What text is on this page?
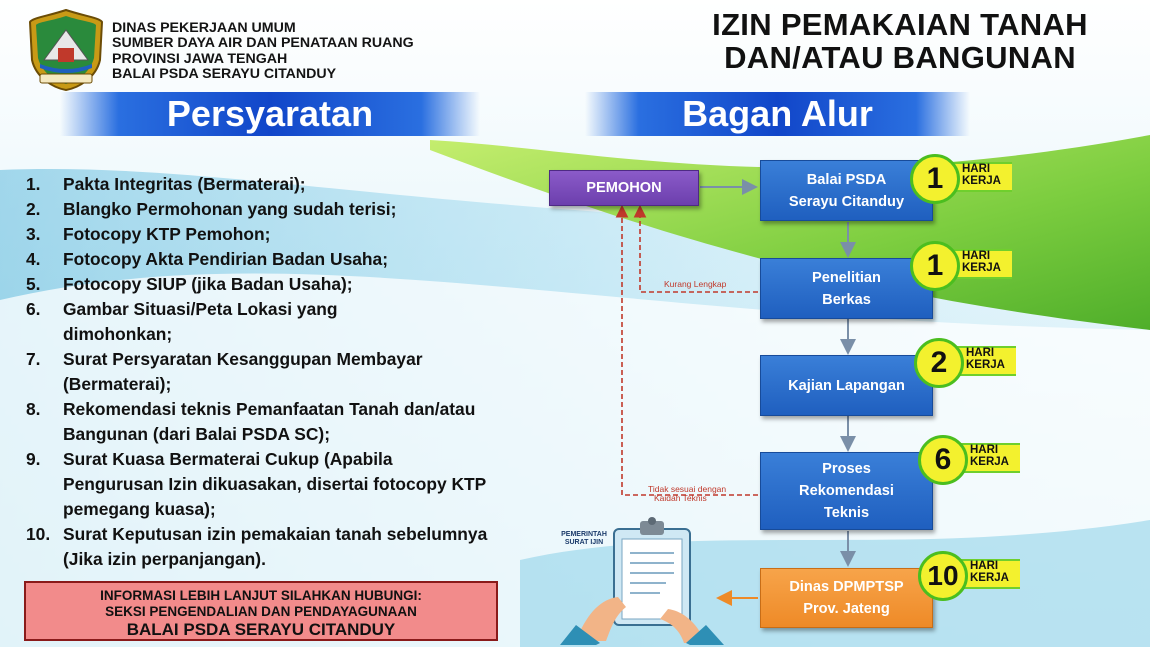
DINAS PEKERJAAN UMUM
SUMBER DAYA AIR DAN PENATAAN RUANG
PROVINSI JAWA TENGAH
BALAI PSDA SERAYU CITANDUY
IZIN PEMAKAIAN TANAH
DAN/ATAU BANGUNAN
Persyaratan	Bagan Alur
1. Pakta Integritas (Bermaterai);
2. Blangko Permohonan yang sudah terisi;
3. Fotocopy KTP Pemohon;
4. Fotocopy Akta Pendirian Badan Usaha;
5. Fotocopy SIUP (jika Badan Usaha);
6. Gambar Situasi/Peta Lokasi yang dimohonkan;
7. Surat Persyaratan Kesanggupan Membayar (Bermaterai);
8. Rekomendasi teknis Pemanfaatan Tanah dan/atau Bangunan (dari Balai PSDA SC);
9. Surat Kuasa Bermaterai Cukup (Apabila Pengurusan Izin dikuasakan, disertai fotocopy KTP pemegang kuasa);
10. Surat Keputusan izin pemakaian tanah sebelumnya (Jika izin perpanjangan).
INFORMASI LEBIH LANJUT SILAHKAN HUBUNGI:
SEKSI PENGENDALIAN DAN PENDAYAGUNAAN
BALAI PSDA SERAYU CITANDUY
PEMOHON
Balai PSDA
Serayu Citanduy
Penelitian
Berkas
Kajian Lapangan
Proses
Rekomendasi
Teknis
Dinas DPMPTSP
Prov. Jateng
HARI
KERJA
1
HARI
KERJA
1
HARI
KERJA
2
HARI
KERJA
6
HARI
KERJA
10
Kurang Lengkap
Tidak sesuai dengan
Kaidah Teknis
PEMERINTAH
SURAT IJIN
